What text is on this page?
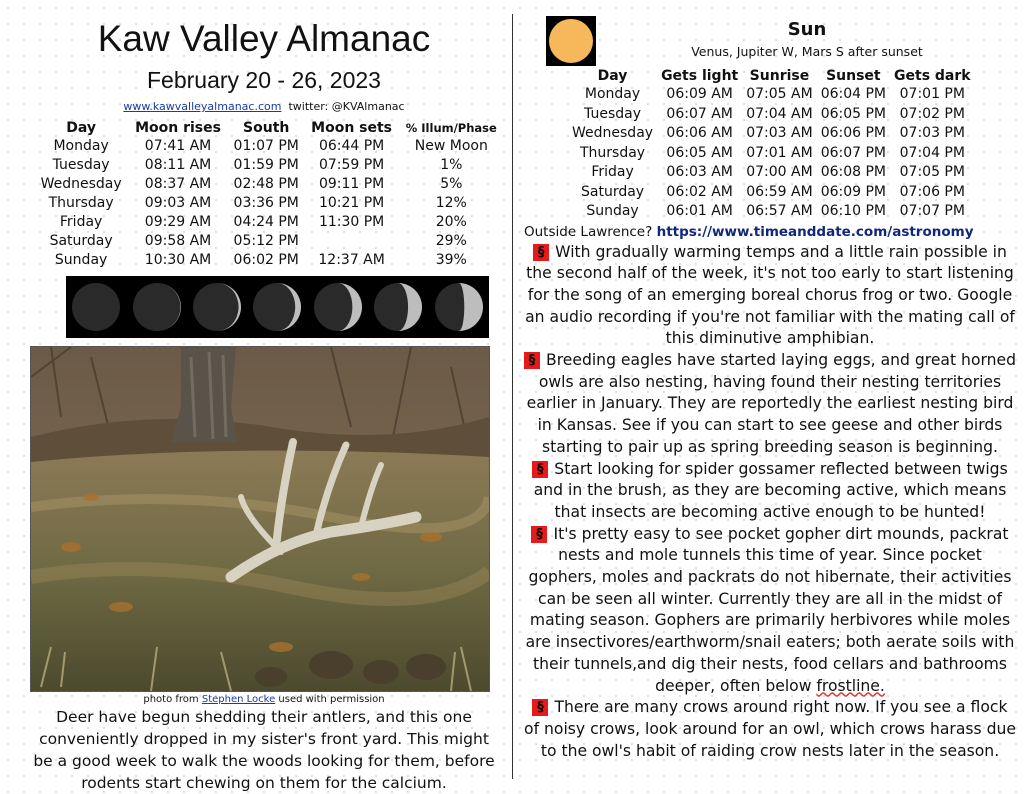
Kaw Valley Almanac
February 20 - 26, 2023
www.kawvalleyalmanac.com twitter: @KVAlmanac
Day	Moon rises	South	Moon sets	% Illum/Phase
Monday	07:41 AM	01:07 PM	06:44 PM	New Moon
Tuesday	08:11 AM	01:59 PM	07:59 PM	1%
Wednesday	08:37 AM	02:48 PM	09:11 PM	5%
Thursday	09:03 AM	03:36 PM	10:21 PM	12%
Friday	09:29 AM	04:24 PM	11:30 PM	20%
Saturday	09:58 AM	05:12 PM		29%
Sunday	10:30 AM	06:02 PM	12:37 AM	39%
photo from Stephen Locke used with permission
Deer have begun shedding their antlers, and this one conveniently dropped in my sister's front yard. This might be a good week to walk the woods looking for them, before rodents start chewing on them for the calcium.
Sun
Venus, Jupiter W, Mars S after sunset
Day	Gets light	Sunrise	Sunset	Gets dark
Monday	06:09 AM	07:05 AM	06:04 PM	07:01 PM
Tuesday	06:07 AM	07:04 AM	06:05 PM	07:02 PM
Wednesday	06:06 AM	07:03 AM	06:06 PM	07:03 PM
Thursday	06:05 AM	07:01 AM	06:07 PM	07:04 PM
Friday	06:03 AM	07:00 AM	06:08 PM	07:05 PM
Saturday	06:02 AM	06:59 AM	06:09 PM	07:06 PM
Sunday	06:01 AM	06:57 AM	06:10 PM	07:07 PM
Outside Lawrence? https://www.timeanddate.com/astronomy

§ With gradually warming temps and a little rain possible in the second half of the week, it's not too early to start listening for the song of an emerging boreal chorus frog or two. Google an audio recording if you're not familiar with the mating call of this diminutive amphibian.

§ Breeding eagles have started laying eggs, and great horned owls are also nesting, having found their nesting territories earlier in January. They are reportedly the earliest nesting bird in Kansas. See if you can start to see geese and other birds starting to pair up as spring breeding season is beginning.

§ Start looking for spider gossamer reflected between twigs and in the brush, as they are becoming active, which means that insects are becoming active enough to be hunted!

§ It's pretty easy to see pocket gopher dirt mounds, packrat nests and mole tunnels this time of year. Since pocket gophers, moles and packrats do not hibernate, their activities can be seen all winter. Currently they are all in the midst of mating season. Gophers are primarily herbivores while moles are insectivores/earthworm/snail eaters; both aerate soils with their tunnels,and dig their nests, food cellars and bathrooms deeper, often below frostline.

§ There are many crows around right now. If you see a flock of noisy crows, look around for an owl, which crows harass due to the owl's habit of raiding crow nests later in the season.
